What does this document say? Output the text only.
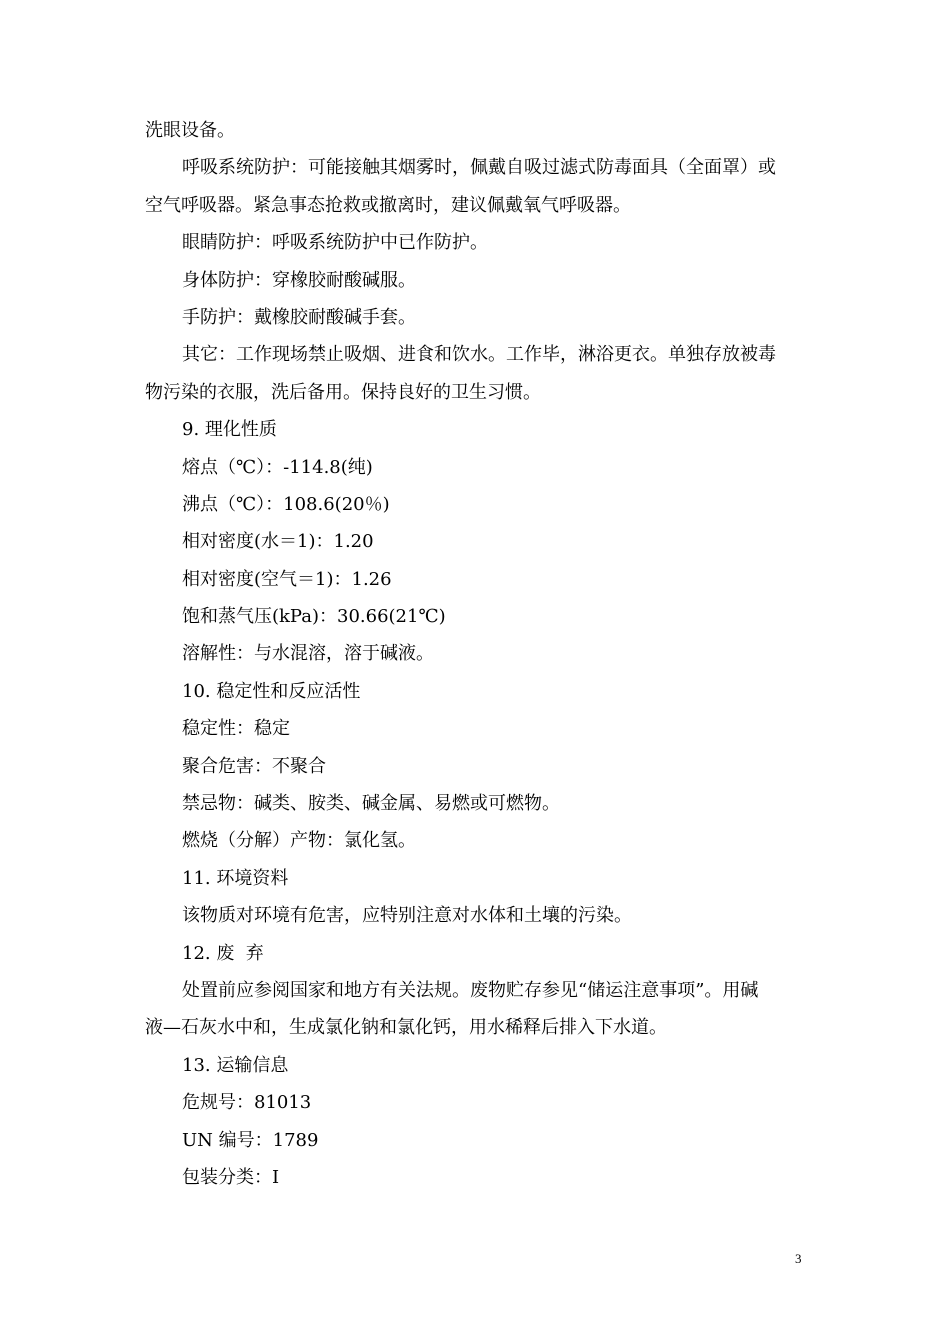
洗眼设备。
呼吸系统防护：可能接触其烟雾时，佩戴自吸过滤式防毒面具（全面罩）或
空气呼吸器。紧急事态抢救或撤离时，建议佩戴氧气呼吸器。
眼睛防护：呼吸系统防护中已作防护。
身体防护：穿橡胶耐酸碱服。
手防护：戴橡胶耐酸碱手套。
其它：工作现场禁止吸烟、进食和饮水。工作毕，淋浴更衣。单独存放被毒
物污染的衣服，洗后备用。保持良好的卫生习惯。
9. 理化性质
熔点（℃）：-114.8(纯)
沸点（℃）：108.6(20％)
相对密度(水＝1)：1.20
相对密度(空气＝1)：1.26
饱和蒸气压(kPa)：30.66(21℃)
溶解性：与水混溶，溶于碱液。
10. 稳定性和反应活性
稳定性：稳定
聚合危害：不聚合
禁忌物：碱类、胺类、碱金属、易燃或可燃物。
燃烧（分解）产物：氯化氢。
11. 环境资料
该物质对环境有危害，应特别注意对水体和土壤的污染。
12. 废  弃
处置前应参阅国家和地方有关法规。废物贮存参见“储运注意事项”。用碱
液—石灰水中和，生成氯化钠和氯化钙，用水稀释后排入下水道。
13. 运输信息
危规号：81013
UN 编号：1789
包装分类：I
3
